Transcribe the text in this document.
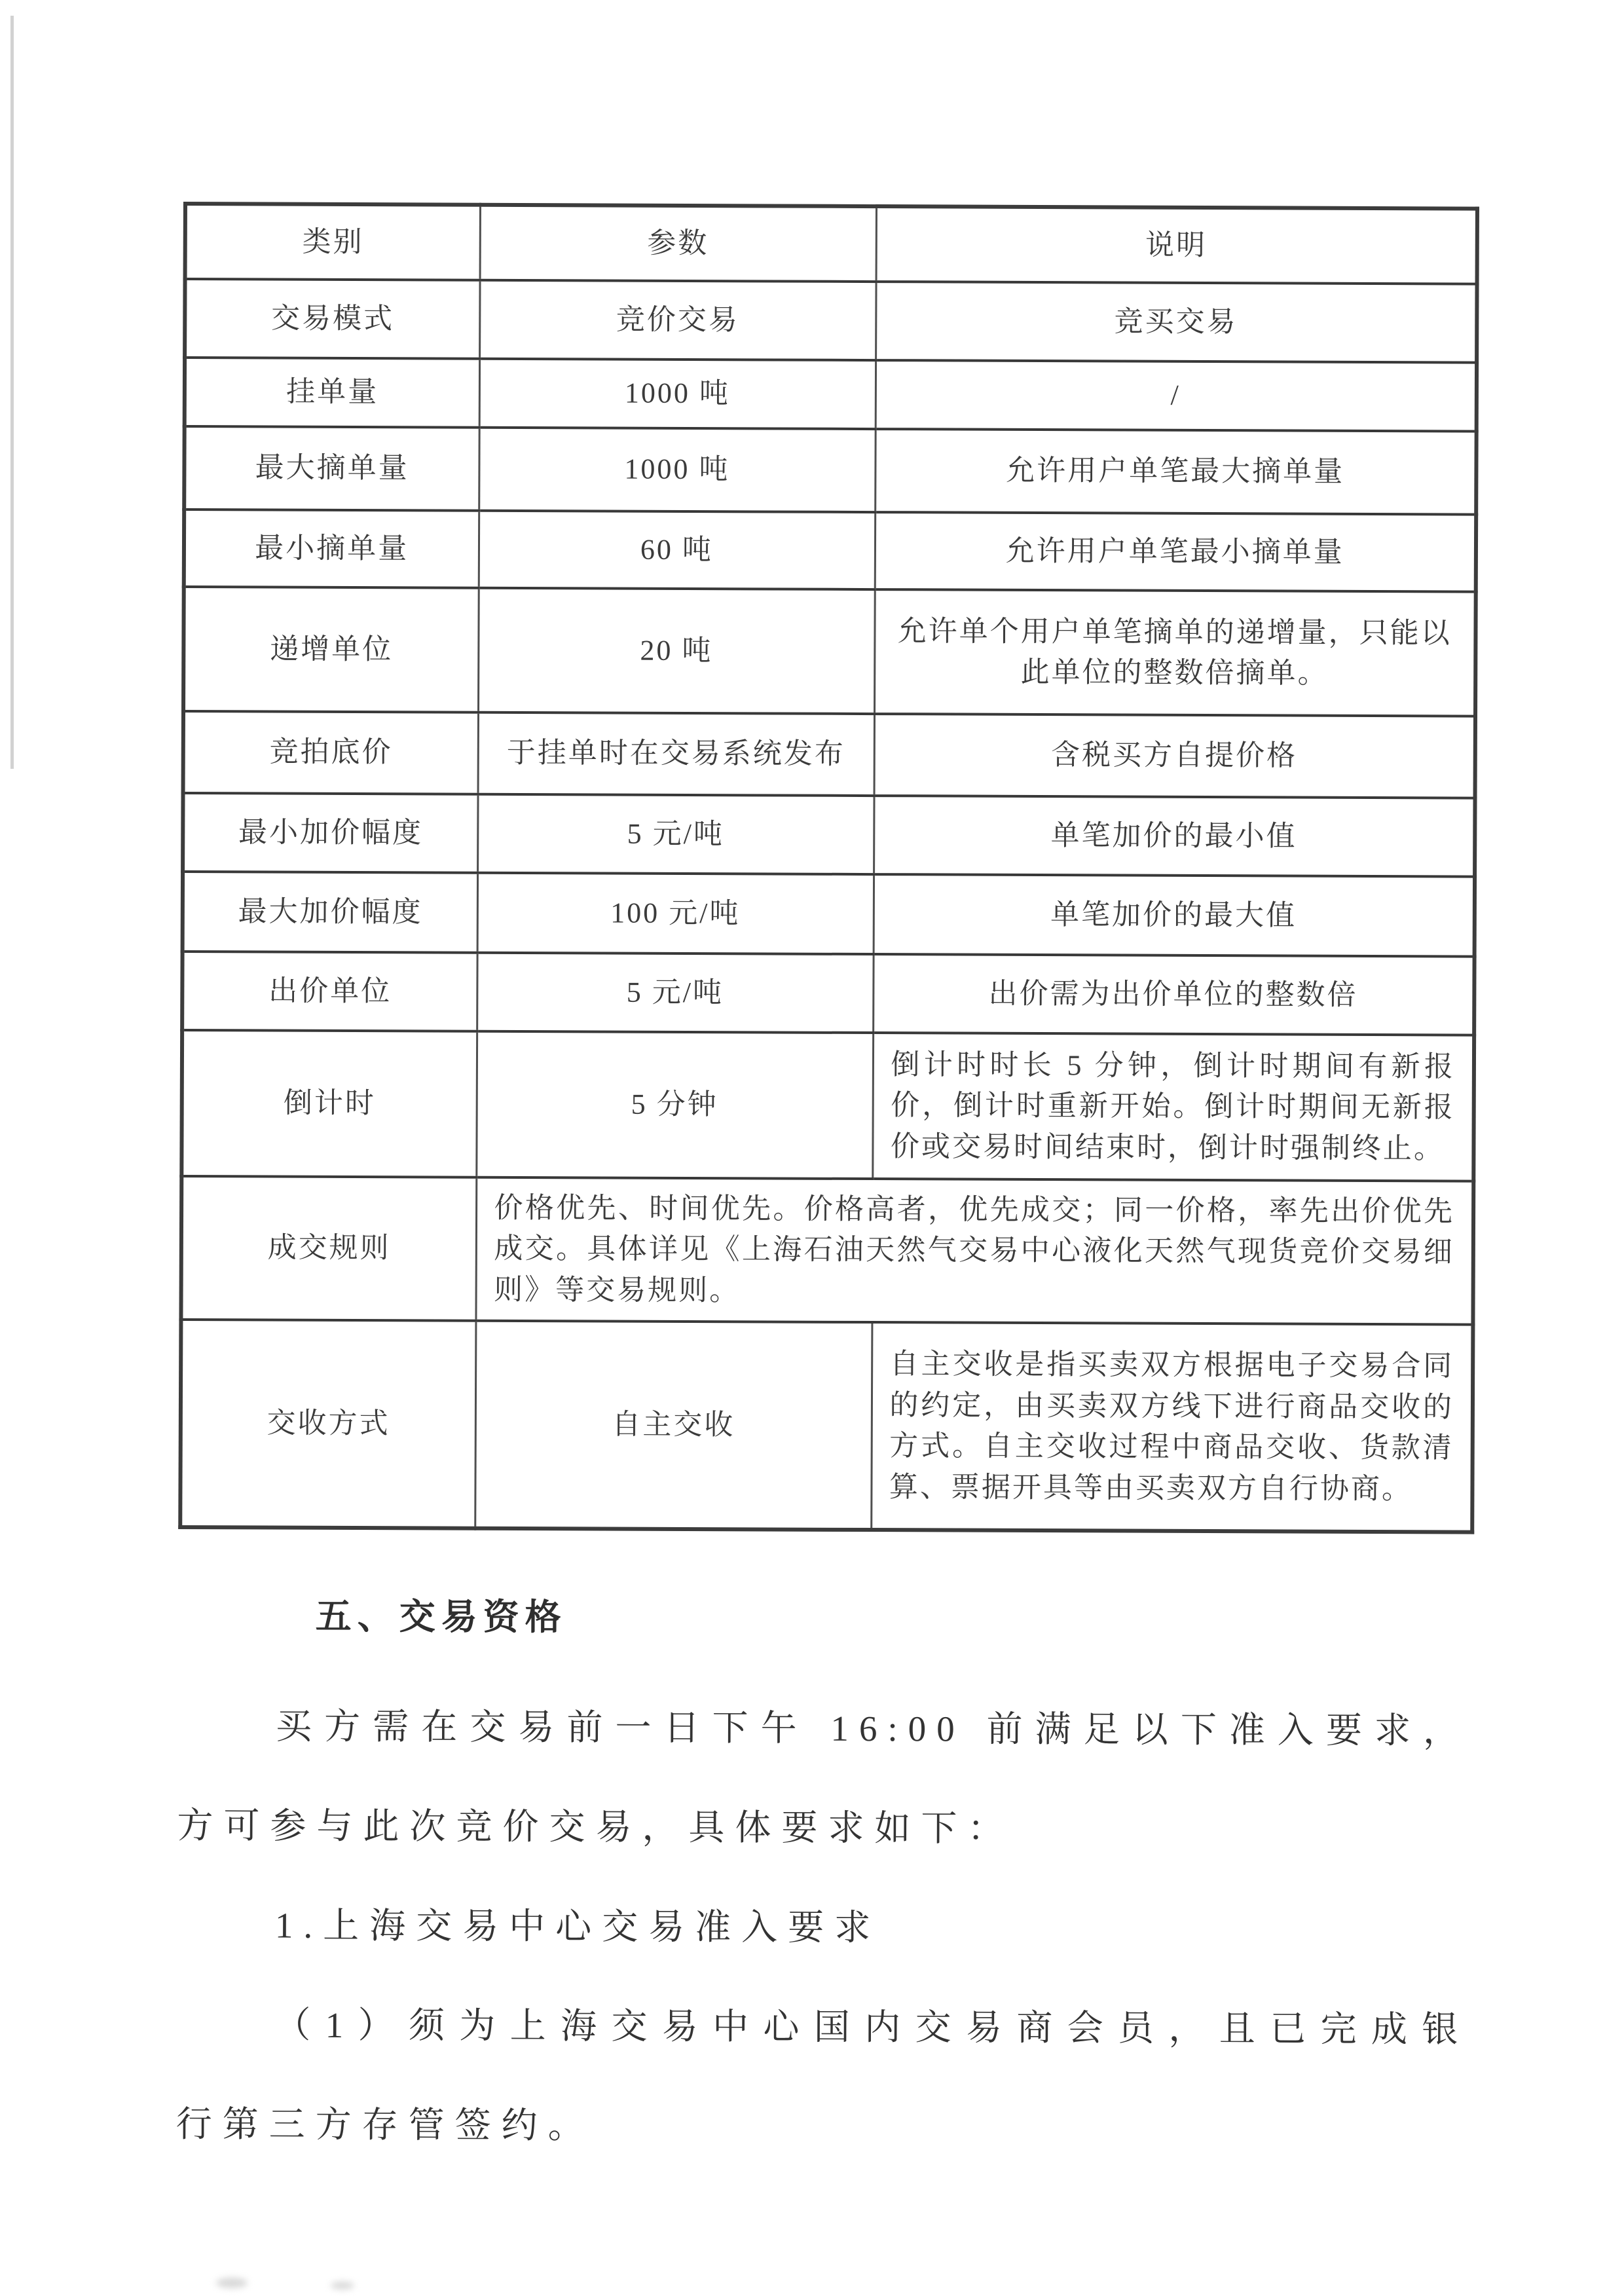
类别	参数	说明
交易模式	竞价交易	竞买交易
挂单量	1000 吨	/
最大摘单量	1000 吨	允许用户单笔最大摘单量
最小摘单量	60 吨	允许用户单笔最小摘单量
递增单位	20 吨	允许单个用户单笔摘单的递增量，只能以此单位的整数倍摘单。
竞拍底价	于挂单时在交易系统发布	含税买方自提价格
最小加价幅度	5 元/吨	单笔加价的最小值
最大加价幅度	100 元/吨	单笔加价的最大值
出价单位	5 元/吨	出价需为出价单位的整数倍
倒计时	5 分钟	倒计时时长 5 分钟，倒计时期间有新报价，倒计时重新开始。倒计时期间无新报价或交易时间结束时，倒计时强制终止。
成交规则	价格优先、时间优先。价格高者，优先成交；同一价格，率先出价优先成交。具体详见《上海石油天然气交易中心液化天然气现货竞价交易细则》等交易规则。	
交收方式	自主交收	自主交收是指买卖双方根据电子交易合同的约定，由买卖双方线下进行商品交收的方式。自主交收过程中商品交收、货款清算、票据开具等由买卖双方自行协商。
五、交易资格
买方需在交易前一日下午 16:00 前满足以下准入要求，
方可参与此次竞价交易，具体要求如下：
1.上海交易中心交易准入要求
（1）须为上海交易中心国内交易商会员，且已完成银
行第三方存管签约。
